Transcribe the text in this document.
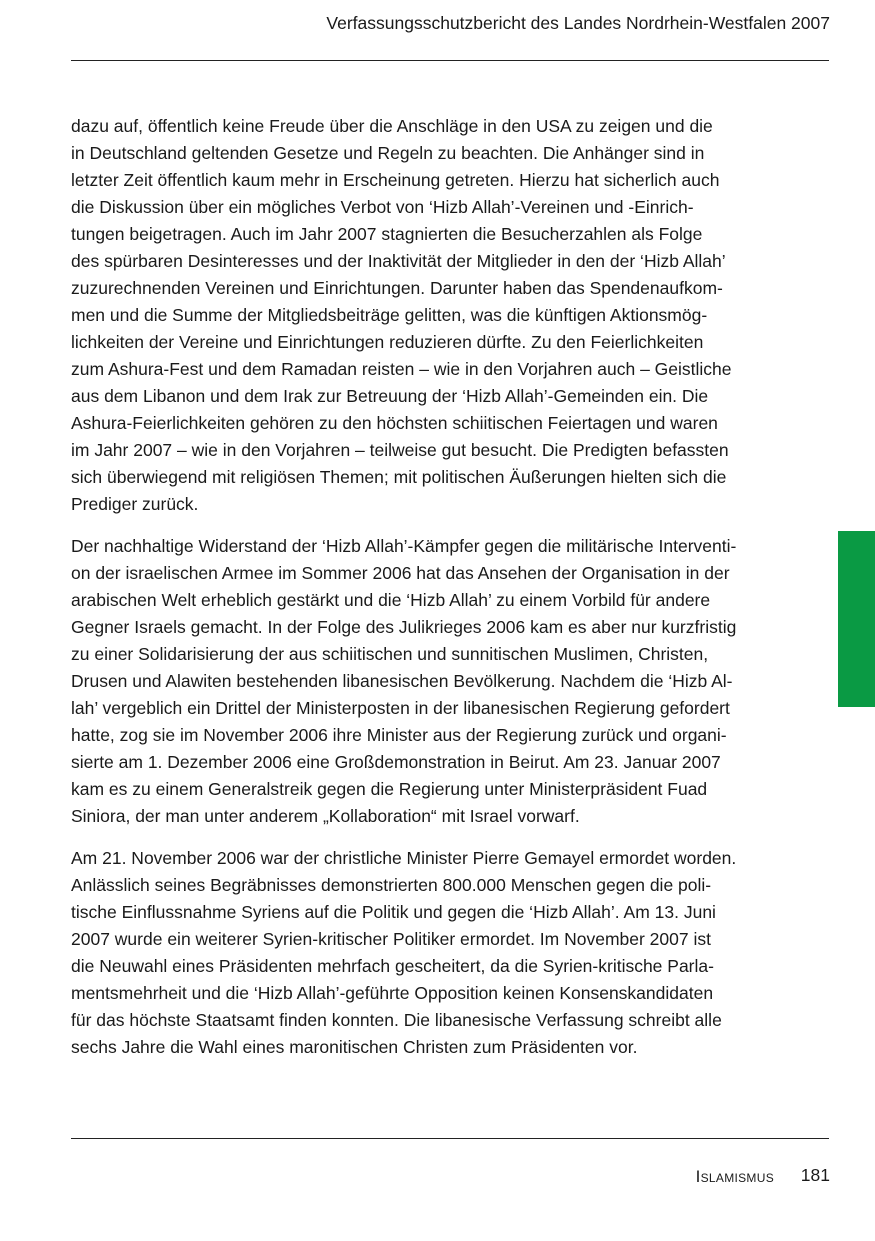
Verfassungsschutzbericht des Landes Nordrhein-Westfalen 2007

dazu auf, öffentlich keine Freude über die Anschläge in den USA zu zeigen und die
in Deutschland geltenden Gesetze und Regeln zu beachten. Die Anhänger sind in
letzter Zeit öffentlich kaum mehr in Erscheinung getreten. Hierzu hat sicherlich auch
die Diskussion über ein mögliches Verbot von ‘Hizb Allah’-Vereinen und -Einrich-
tungen beigetragen. Auch im Jahr 2007 stagnierten die Besucherzahlen als Folge
des spürbaren Desinteresses und der Inaktivität der Mitglieder in den der ‘Hizb Allah’
zuzurechnenden Vereinen und Einrichtungen. Darunter haben das Spendenaufkom-
men und die Summe der Mitgliedsbeiträge gelitten, was die künftigen Aktionsmög-
lichkeiten der Vereine und Einrichtungen reduzieren dürfte. Zu den Feierlichkeiten
zum Ashura-Fest und dem Ramadan reisten – wie in den Vorjahren auch – Geistliche
aus dem Libanon und dem Irak zur Betreuung der ‘Hizb Allah’-Gemeinden ein. Die
Ashura-Feierlichkeiten gehören zu den höchsten schiitischen Feiertagen und waren
im Jahr 2007 – wie in den Vorjahren – teilweise gut besucht. Die Predigten befassten
sich überwiegend mit religiösen Themen; mit politischen Äußerungen hielten sich die
Prediger zurück.

Der nachhaltige Widerstand der ‘Hizb Allah’-Kämpfer gegen die militärische Interventi-
on der israelischen Armee im Sommer 2006 hat das Ansehen der Organisation in der
arabischen Welt erheblich gestärkt und die ‘Hizb Allah’ zu einem Vorbild für andere
Gegner Israels gemacht. In der Folge des Julikrieges 2006 kam es aber nur kurzfristig
zu einer Solidarisierung der aus schiitischen und sunnitischen Muslimen, Christen,
Drusen und Alawiten bestehenden libanesischen Bevölkerung. Nachdem die ‘Hizb Al-
lah’ vergeblich ein Drittel der Ministerposten in der libanesischen Regierung gefordert
hatte, zog sie im November 2006 ihre Minister aus der Regierung zurück und organi-
sierte am 1. Dezember 2006 eine Großdemonstration in Beirut. Am 23. Januar 2007
kam es zu einem Generalstreik gegen die Regierung unter Ministerpräsident Fuad
Siniora, der man unter anderem „Kollaboration“ mit Israel vorwarf.

Am 21. November 2006 war der christliche Minister Pierre Gemayel ermordet worden.
Anlässlich seines Begräbnisses demonstrierten 800.000 Menschen gegen die poli-
tische Einflussnahme Syriens auf die Politik und gegen die ‘Hizb Allah’. Am 13. Juni
2007 wurde ein weiterer Syrien-kritischer Politiker ermordet. Im November 2007 ist
die Neuwahl eines Präsidenten mehrfach gescheitert, da die Syrien-kritische Parla-
mentsmehrheit und die ‘Hizb Allah’-geführte Opposition keinen Konsenskandidaten
für das höchste Staatsamt finden konnten. Die libanesische Verfassung schreibt alle
sechs Jahre die Wahl eines maronitischen Christen zum Präsidenten vor.

Islamismus 181
